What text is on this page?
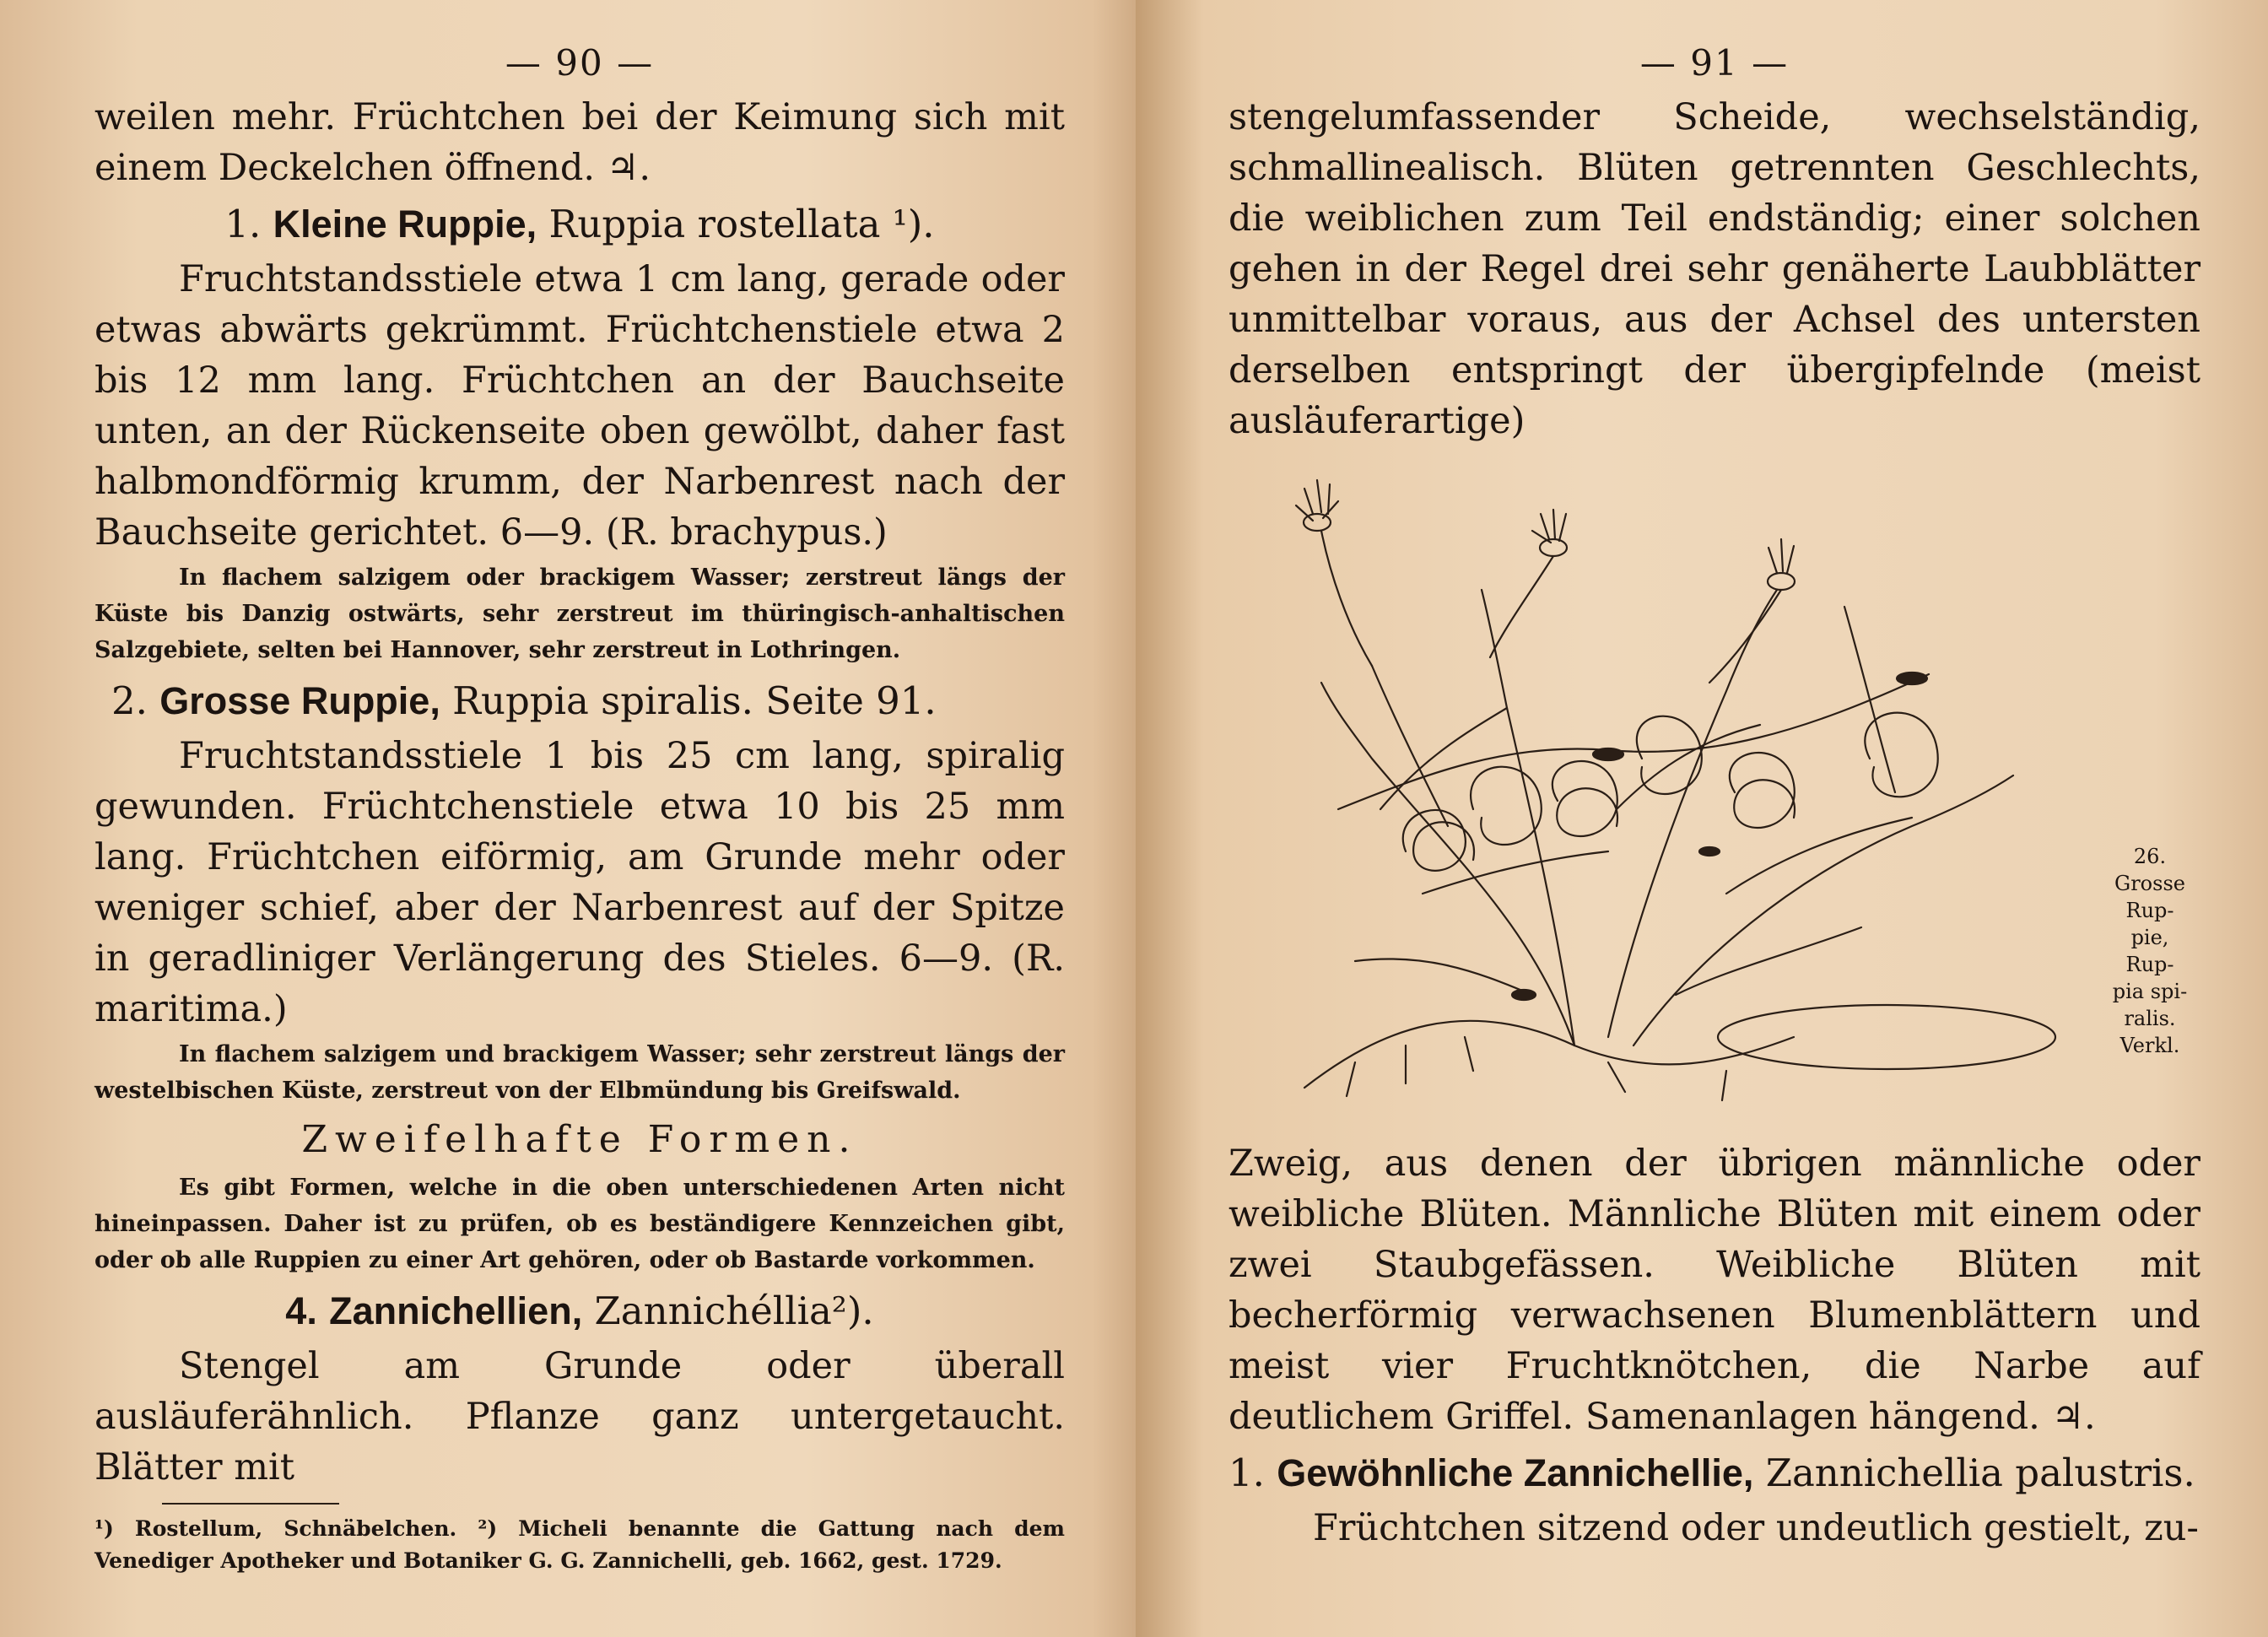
— 90 —

weilen mehr. Früchtchen bei der Keimung sich mit einem Deckelchen öffnend. ♃.

1. Kleine Ruppie, Ruppia rostellata ¹).

Fruchtstandsstiele etwa 1 cm lang, gerade oder etwas abwärts gekrümmt. Früchtchenstiele etwa 2 bis 12 mm lang. Früchtchen an der Bauchseite unten, an der Rückenseite oben gewölbt, daher fast halbmondförmig krumm, der Narbenrest nach der Bauchseite gerichtet. 6—9. (R. brachypus.)

In flachem salzigem oder brackigem Wasser; zerstreut längs der Küste bis Danzig ostwärts, sehr zerstreut im thüringisch-anhaltischen Salzgebiete, selten bei Hannover, sehr zerstreut in Lothringen.

2. Grosse Ruppie, Ruppia spiralis. Seite 91.

Fruchtstandsstiele 1 bis 25 cm lang, spiralig gewunden. Früchtchenstiele etwa 10 bis 25 mm lang. Früchtchen eiförmig, am Grunde mehr oder weniger schief, aber der Narbenrest auf der Spitze in geradliniger Verlängerung des Stieles. 6—9. (R. maritima.)

In flachem salzigem und brackigem Wasser; sehr zerstreut längs der westelbischen Küste, zerstreut von der Elbmündung bis Greifswald.

Zweifelhafte Formen.

Es gibt Formen, welche in die oben unterschiedenen Arten nicht hineinpassen. Daher ist zu prüfen, ob es beständigere Kennzeichen gibt, oder ob alle Ruppien zu einer Art gehören, oder ob Bastarde vorkommen.

4. Zannichellien, Zannichéllia²).

Stengel am Grunde oder überall ausläuferähnlich. Pflanze ganz untergetaucht. Blätter mit

¹) Rostellum, Schnäbelchen. ²) Micheli benannte die Gattung nach dem Venediger Apotheker und Botaniker G. G. Zannichelli, geb. 1662, gest. 1729.

— 91 —

stengelumfassender Scheide, wechselständig, schmallinealisch. Blüten getrennten Geschlechts, die weiblichen zum Teil endständig; einer solchen gehen in der Regel drei sehr genäherte Laubblätter unmittelbar voraus, aus der Achsel des untersten derselben entspringt der übergipfelnde (meist ausläuferartige)

26.
Grosse
Rup-
pie,
Rup-
pia spi-
ralis.
Verkl.

Zweig, aus denen der übrigen männliche oder weibliche Blüten. Männliche Blüten mit einem oder zwei Staubgefässen. Weibliche Blüten mit becherförmig verwachsenen Blumenblättern und meist vier Fruchtknötchen, die Narbe auf deutlichem Griffel. Samenanlagen hängend. ♃.

1. Gewöhnliche Zannichellie, Zannichellia palustris.

Früchtchen sitzend oder undeutlich gestielt, zu-
